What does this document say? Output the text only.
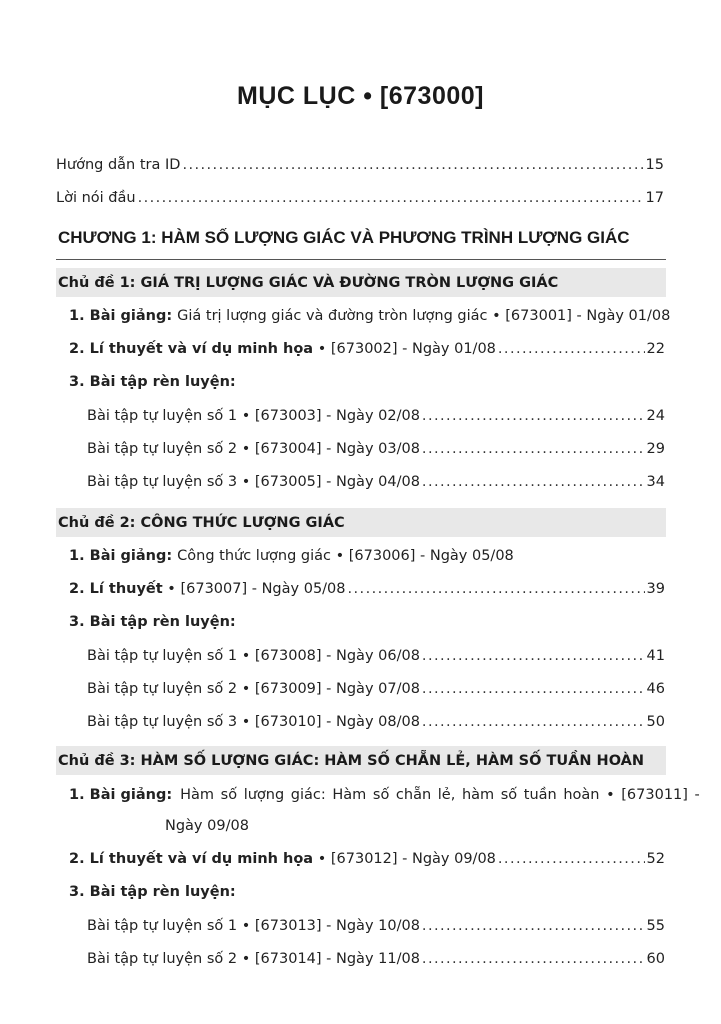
MỤC LỤC • [673000]
Hướng dẫn tra ID . . .	15
Lời nói đầu . . .	17
CHƯƠNG 1: HÀM SỐ LƯỢNG GIÁC VÀ PHƯƠNG TRÌNH LƯỢNG GIÁC
Chủ đề 1: GIÁ TRỊ LƯỢNG GIÁC VÀ ĐƯỜNG TRÒN LƯỢNG GIÁC
1. Bài giảng: Giá trị lượng giác và đường tròn lượng giác • [673001] - Ngày 01/08
2. Lí thuyết và ví dụ minh họa • [673002] - Ngày 01/08 . . .	22
3. Bài tập rèn luyện:
Bài tập tự luyện số 1 • [673003] - Ngày 02/08 . . .	24
Bài tập tự luyện số 2 • [673004] - Ngày 03/08 . . .	29
Bài tập tự luyện số 3 • [673005] - Ngày 04/08 . . .	34
Chủ đề 2: CÔNG THỨC LƯỢNG GIÁC
1. Bài giảng: Công thức lượng giác • [673006] - Ngày 05/08
2. Lí thuyết • [673007] - Ngày 05/08 . . .	39
3. Bài tập rèn luyện:
Bài tập tự luyện số 1 • [673008] - Ngày 06/08 . . .	41
Bài tập tự luyện số 2 • [673009] - Ngày 07/08 . . .	46
Bài tập tự luyện số 3 • [673010] - Ngày 08/08 . . .	50
Chủ đề 3: HÀM SỐ LƯỢNG GIÁC: HÀM SỐ CHẴN LẺ, HÀM SỐ TUẦN HOÀN
1. Bài giảng: Hàm số lượng giác: Hàm số chẵn lẻ, hàm số tuần hoàn • [673011] -
Ngày 09/08
2. Lí thuyết và ví dụ minh họa • [673012] - Ngày 09/08 . . .	52
3. Bài tập rèn luyện:
Bài tập tự luyện số 1 • [673013] - Ngày 10/08 . . .	55
Bài tập tự luyện số 2 • [673014] - Ngày 11/08 . . .	60
